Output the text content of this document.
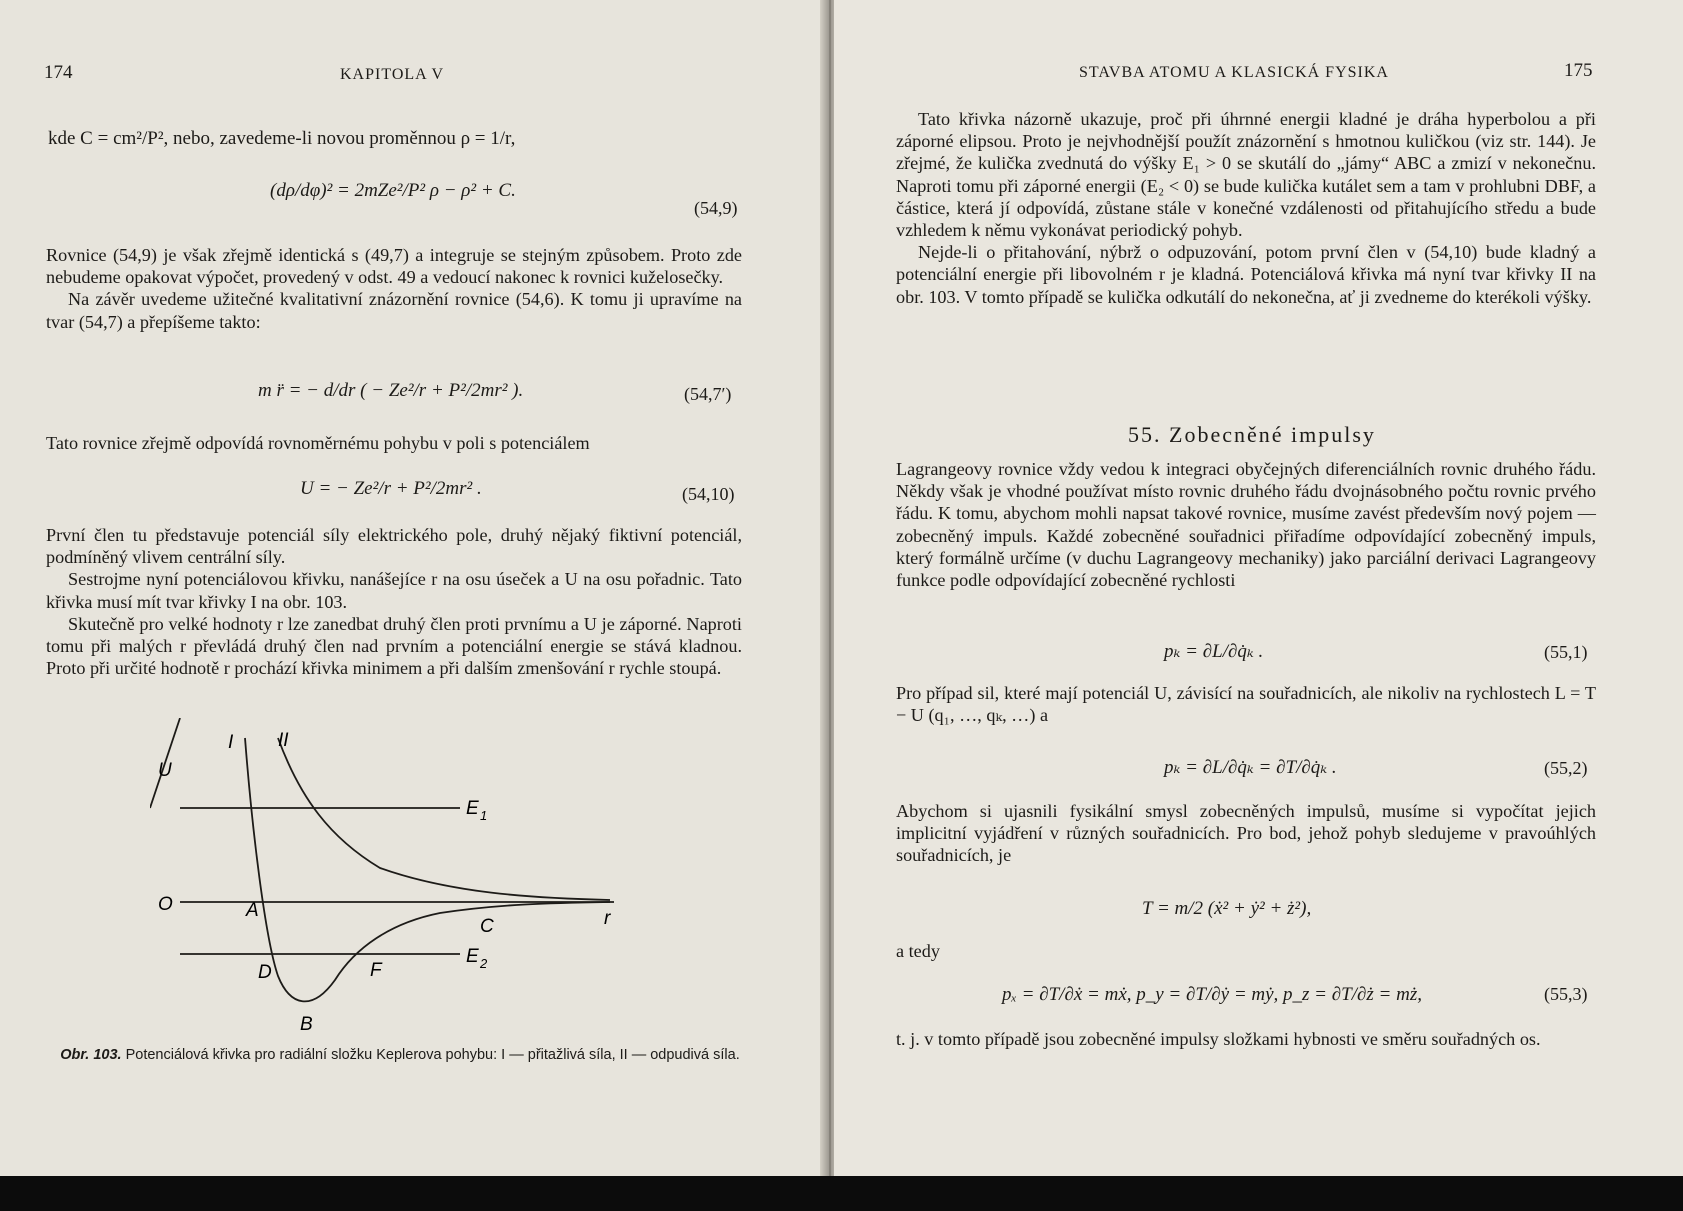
174	KAPITOLA V
kde C = cm²/P², nebo, zavedeme-li novou proměnnou ρ = 1/r,
(dρ/dφ)² = 2mZe²/P² ρ − ρ² + C.
(54,9)

Rovnice (54,9) je však zřejmě identická s (49,7) a integruje se stejným způsobem. Proto zde nebudeme opakovat výpočet, provedený v odst. 49 a vedoucí nakonec k rovnici kuželosečky.

Na závěr uvedeme užitečné kvalitativní znázornění rovnice (54,6). K tomu ji upravíme na tvar (54,7) a přepíšeme takto:

m r̈ = − d/dr ( − Ze²/r + P²/2mr² ).	(54,7′)
Tato rovnice zřejmě odpovídá rovnoměrnému pohybu v poli s potenciálem
U = − Ze²/r + P²/2mr² .	(54,10)

První člen tu představuje potenciál síly elektrického pole, druhý nějaký fiktivní potenciál, podmíněný vlivem centrální síly.

Sestrojme nyní potenciálovou křivku, nanášejíce r na osu úseček a U na osu pořadnic. Tato křivka musí mít tvar křivky I na obr. 103.

Skutečně pro velké hodnoty r lze zanedbat druhý člen proti prvnímu a U je záporné. Naproti tomu při malých r převládá druhý člen nad prvním a potenciální energie se stává kladnou. Proto při určité hodnotě r prochází křivka minimem a při dalším zmenšování r rychle stoupá.

U
I II
E 1
E 2
O	A
B
C
D	F
r
Obr. 103. Potenciálová křivka pro radiální složku Keplerova pohybu: I — přitažlivá síla, II — odpudivá síla.
STAVBA ATOMU A KLASICKÁ FYSIKA	175

Tato křivka názorně ukazuje, proč při úhrnné energii kladné je dráha hyperbolou a při záporné elipsou. Proto je nejvhodnější použít znázornění s hmotnou kuličkou (viz str. 144). Je zřejmé, že kulička zvednutá do výšky E₁ > 0 se skutálí do „jámy“ ABC a zmizí v nekonečnu. Naproti tomu při záporné energii (E₂ < 0) se bude kulička kutálet sem a tam v prohlubni DBF, a částice, která jí odpovídá, zůstane stále v konečné vzdálenosti od přitahujícího středu a bude vzhledem k němu vykonávat periodický pohyb.

Nejde-li o přitahování, nýbrž o odpuzování, potom první člen v (54,10) bude kladný a potenciální energie při libovolném r je kladná. Potenciálová křivka má nyní tvar křivky II na obr. 103. V tomto případě se kulička odkutálí do nekonečna, ať ji zvedneme do kterékoli výšky.

55. Zobecněné impulsy
Lagrangeovy rovnice vždy vedou k integraci obyčejných diferenciálních rovnic druhého řádu. Někdy však je vhodné používat místo rovnic druhého řádu dvojnásobného počtu rovnic prvého řádu. K tomu, abychom mohli napsat takové rovnice, musíme zavést především nový pojem — zobecněný impuls. Každé zobecněné souřadnici přiřadíme odpovídající zobecněný impuls, který formálně určíme (v duchu Lagrangeovy mechaniky) jako parciální derivaci Lagrangeovy funkce podle odpovídající zobecněné rychlosti
pₖ = ∂L/∂q̇ₖ .	(55,1)
Pro případ sil, které mají potenciál U, závisící na souřadnicích, ale nikoliv na rychlostech L = T − U (q₁, …, qₖ, …) a
pₖ = ∂L/∂q̇ₖ = ∂T/∂q̇ₖ .	(55,2)
Abychom si ujasnili fysikální smysl zobecněných impulsů, musíme si vypočítat jejich implicitní vyjádření v různých souřadnicích. Pro bod, jehož pohyb sledujeme v pravoúhlých souřadnicích, je
T = m/2 (ẋ² + ẏ² + ż²),
a tedy
pₓ = ∂T/∂ẋ = mẋ, p_y = ∂T/∂ẏ = mẏ, p_z = ∂T/∂ż = mż,	(55,3)
t. j. v tomto případě jsou zobecněné impulsy složkami hybnosti ve směru souřadných os.
